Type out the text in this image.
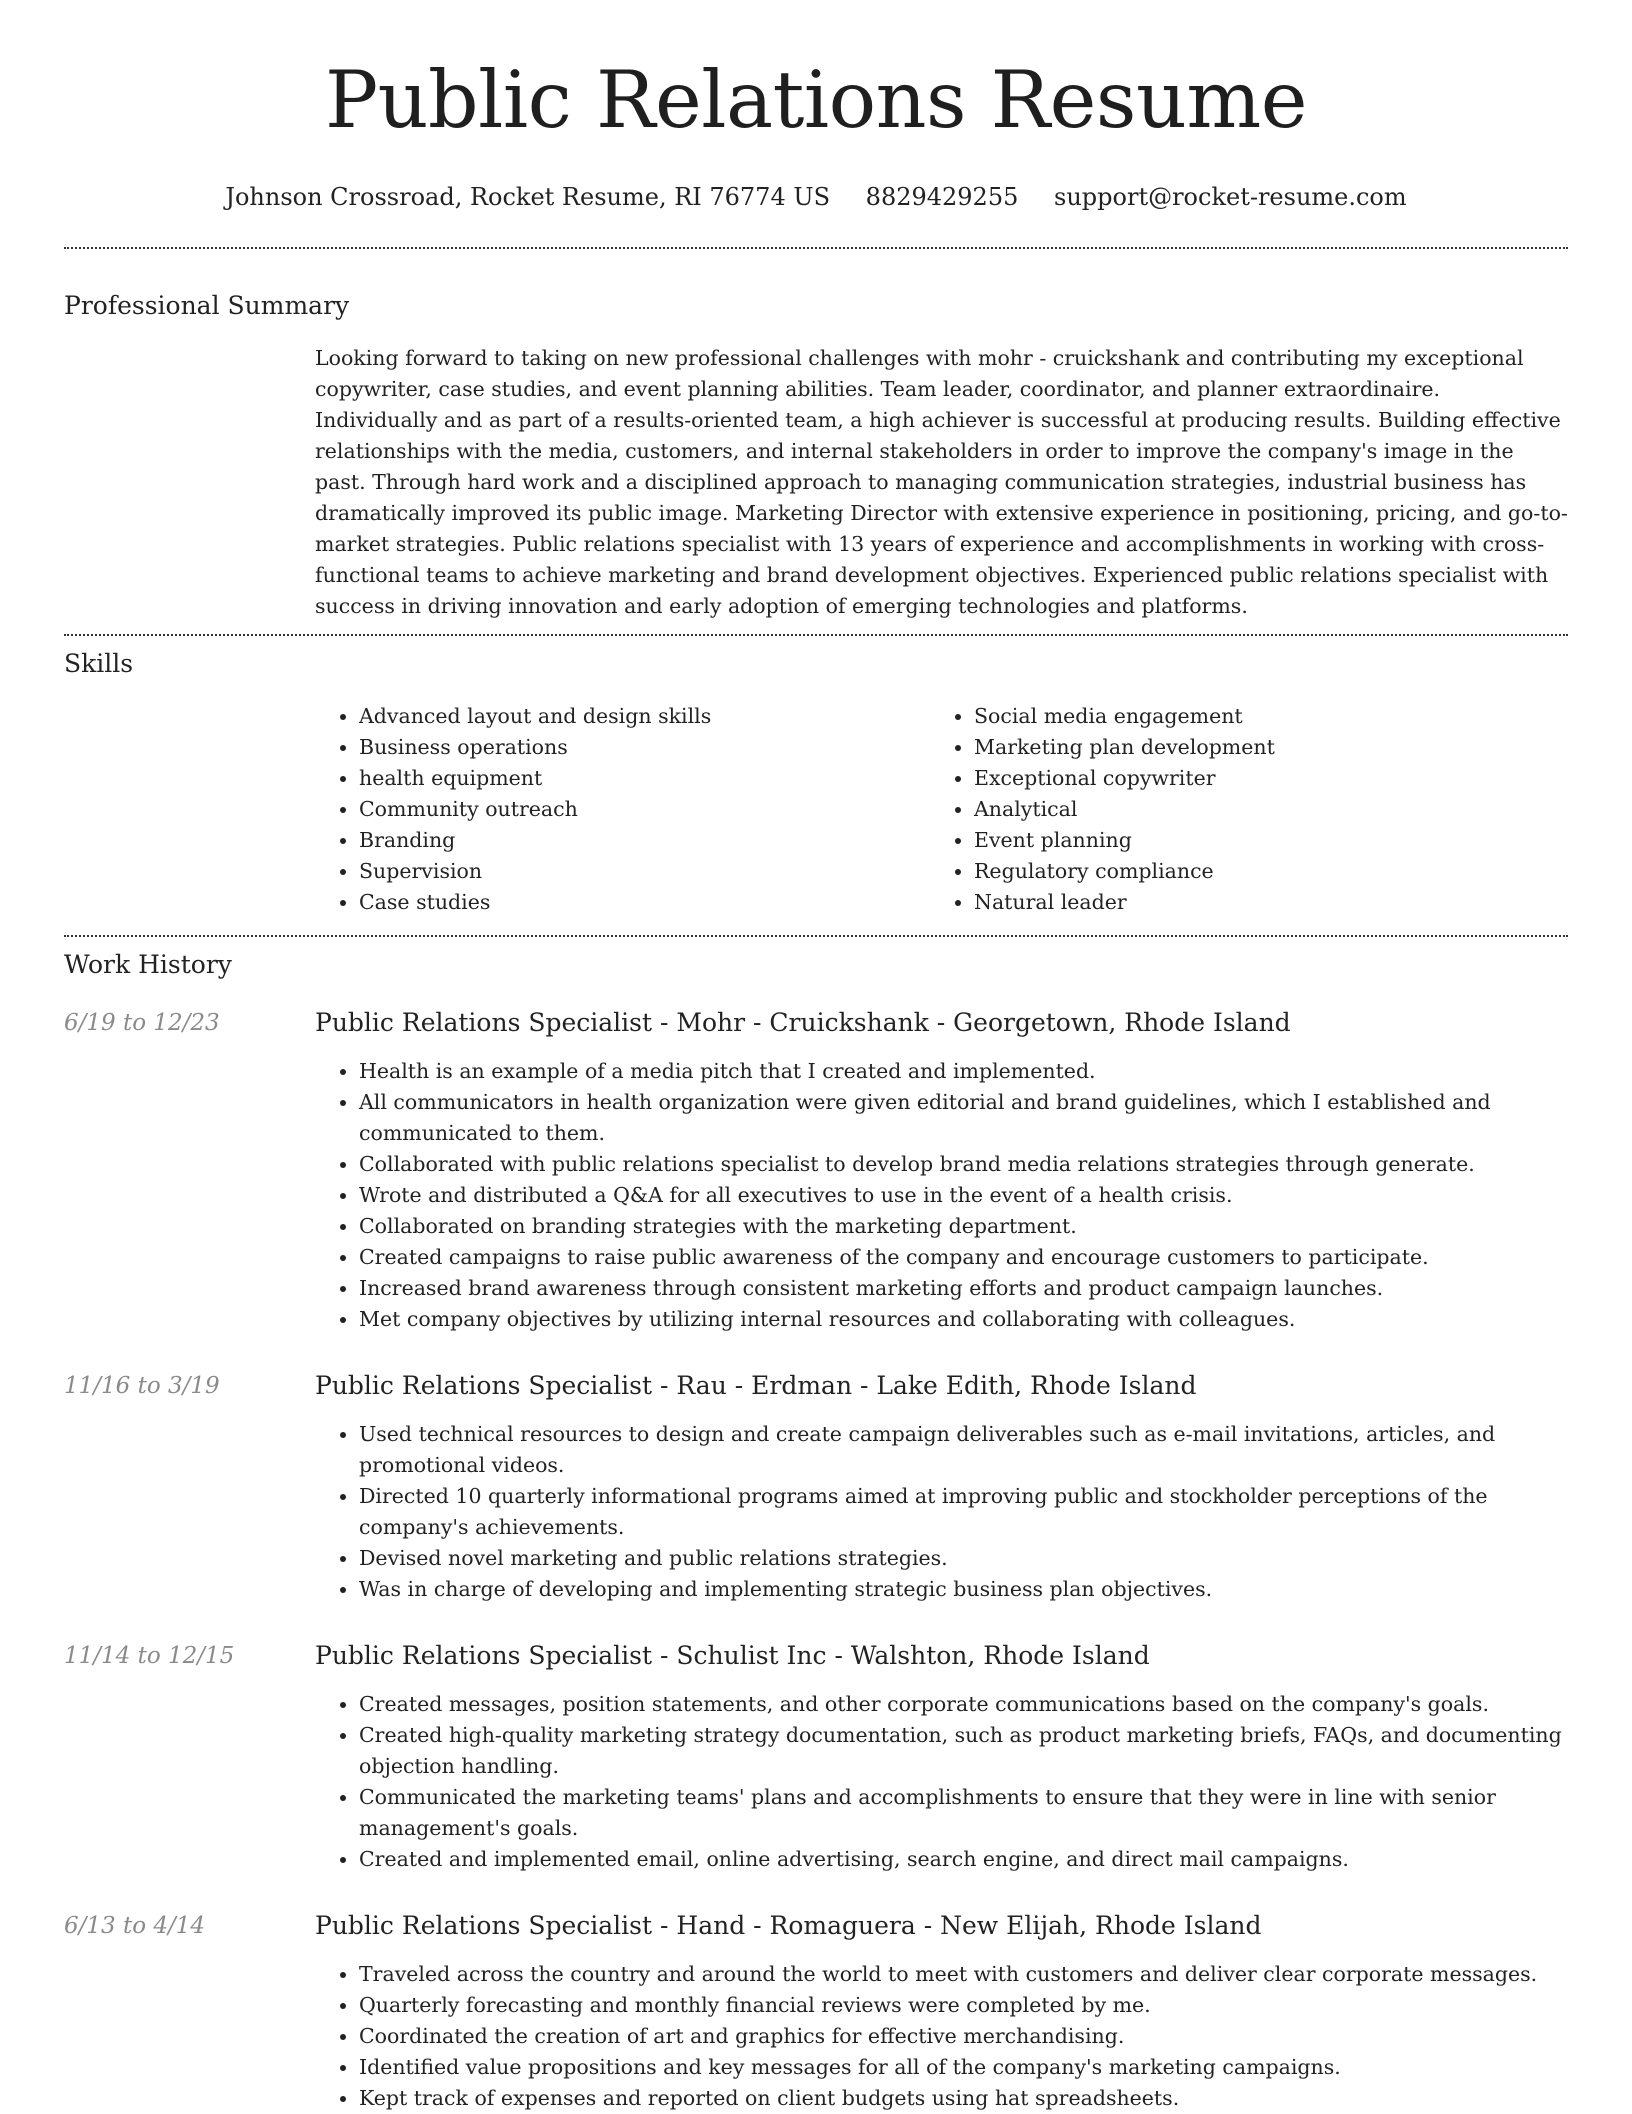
Public Relations Resume
Johnson Crossroad, Rocket Resume, RI 76774 US 8829429255 support@rocket-resume.com
Professional Summary
Looking forward to taking on new professional challenges with mohr - cruickshank and contributing my exceptional copywriter, case studies, and event planning abilities. Team leader, coordinator, and planner extraordinaire. Individually and as part of a results-oriented team, a high achiever is successful at producing results. Building effective relationships with the media, customers, and internal stakeholders in order to improve the company's image in the past. Through hard work and a disciplined approach to managing communication strategies, industrial business has dramatically improved its public image. Marketing Director with extensive experience in positioning, pricing, and go-to-market strategies. Public relations specialist with 13 years of experience and accomplishments in working with cross-functional teams to achieve marketing and brand development objectives. Experienced public relations specialist with success in driving innovation and early adoption of emerging technologies and platforms.
Skills
• Advanced layout and design skills
• Business operations
• health equipment
• Community outreach
• Branding
• Supervision
• Case studies
• Social media engagement
• Marketing plan development
• Exceptional copywriter
• Analytical
• Event planning
• Regulatory compliance
• Natural leader
Work History
6/19 to 12/23	Public Relations Specialist - Mohr - Cruickshank - Georgetown, Rhode Island
• Health is an example of a media pitch that I created and implemented.
• All communicators in health organization were given editorial and brand guidelines, which I established and communicated to them.
• Collaborated with public relations specialist to develop brand media relations strategies through generate.
• Wrote and distributed a Q&A for all executives to use in the event of a health crisis.
• Collaborated on branding strategies with the marketing department.
• Created campaigns to raise public awareness of the company and encourage customers to participate.
• Increased brand awareness through consistent marketing efforts and product campaign launches.
• Met company objectives by utilizing internal resources and collaborating with colleagues.
11/16 to 3/19	Public Relations Specialist - Rau - Erdman - Lake Edith, Rhode Island
• Used technical resources to design and create campaign deliverables such as e-mail invitations, articles, and promotional videos.
• Directed 10 quarterly informational programs aimed at improving public and stockholder perceptions of the company's achievements.
• Devised novel marketing and public relations strategies.
• Was in charge of developing and implementing strategic business plan objectives.
11/14 to 12/15	Public Relations Specialist - Schulist Inc - Walshton, Rhode Island
• Created messages, position statements, and other corporate communications based on the company's goals.
• Created high-quality marketing strategy documentation, such as product marketing briefs, FAQs, and documenting objection handling.
• Communicated the marketing teams' plans and accomplishments to ensure that they were in line with senior management's goals.
• Created and implemented email, online advertising, search engine, and direct mail campaigns.
6/13 to 4/14	Public Relations Specialist - Hand - Romaguera - New Elijah, Rhode Island
• Traveled across the country and around the world to meet with customers and deliver clear corporate messages.
• Quarterly forecasting and monthly financial reviews were completed by me.
• Coordinated the creation of art and graphics for effective merchandising.
• Identified value propositions and key messages for all of the company's marketing campaigns.
• Kept track of expenses and reported on client budgets using hat spreadsheets.
